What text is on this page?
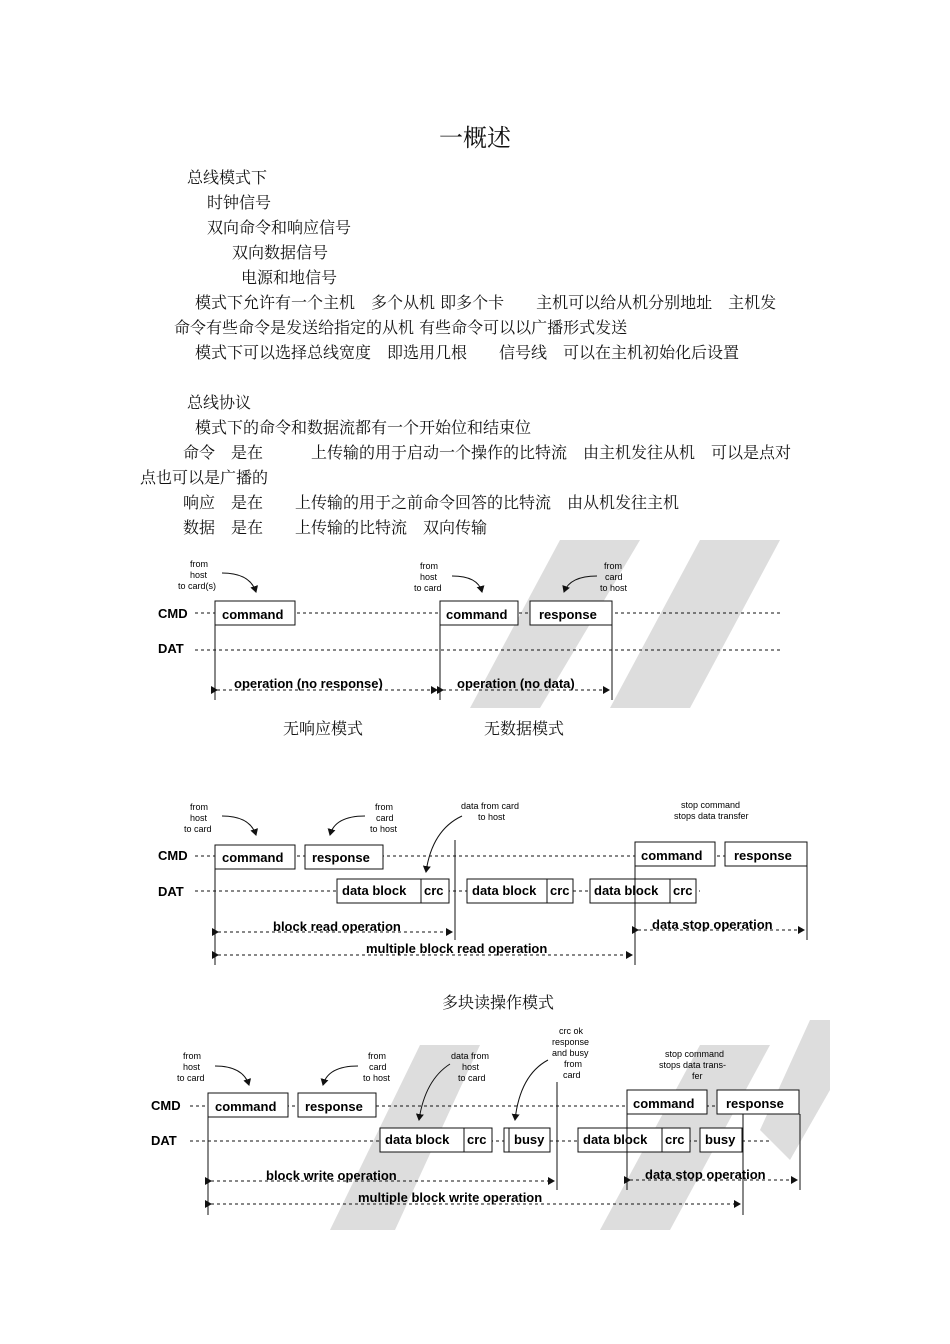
一概述
总线模式下
时钟信号
双向命令和响应信号
双向数据信号
电源和地信号
模式下允许有一个主机　多个从机 即多个卡　　主机可以给从机分别地址　主机发
命令有些命令是发送给指定的从机 有些命令可以以广播形式发送
模式下可以选择总线宽度　即选用几根　　信号线　可以在主机初始化后设置
总线协议
模式下的命令和数据流都有一个开始位和结束位
命令　是在　　　上传输的用于启动一个操作的比特流　由主机发往从机　可以是点对
点也可以是广播的
响应　是在　　上传输的用于之前命令回答的比特流　由从机发往主机
数据　是在　　上传输的比特流　双向传输
CMD
DAT
command	command response
from
host
to card(s)
from
host
to card
from
card
to host
operation (no response)	operation (no data)
无响应模式	无数据模式
CMD
DAT
command response	command response
data block crc data block crc data block crc
from
host
to card
from
card
to host
data from card
to host
stop command
stops data transfer
block read operation
multiple block read operation
data stop operation
多块读操作模式
CMD
DAT
command response	command response
data block crc busy	data block crc busy
from
host
to card
from
card
to host
data from
host
to card
crc ok
response
and busy
from
card
stop command
stops data trans-
fer
block write operation
multiple block write operation
data stop operation
